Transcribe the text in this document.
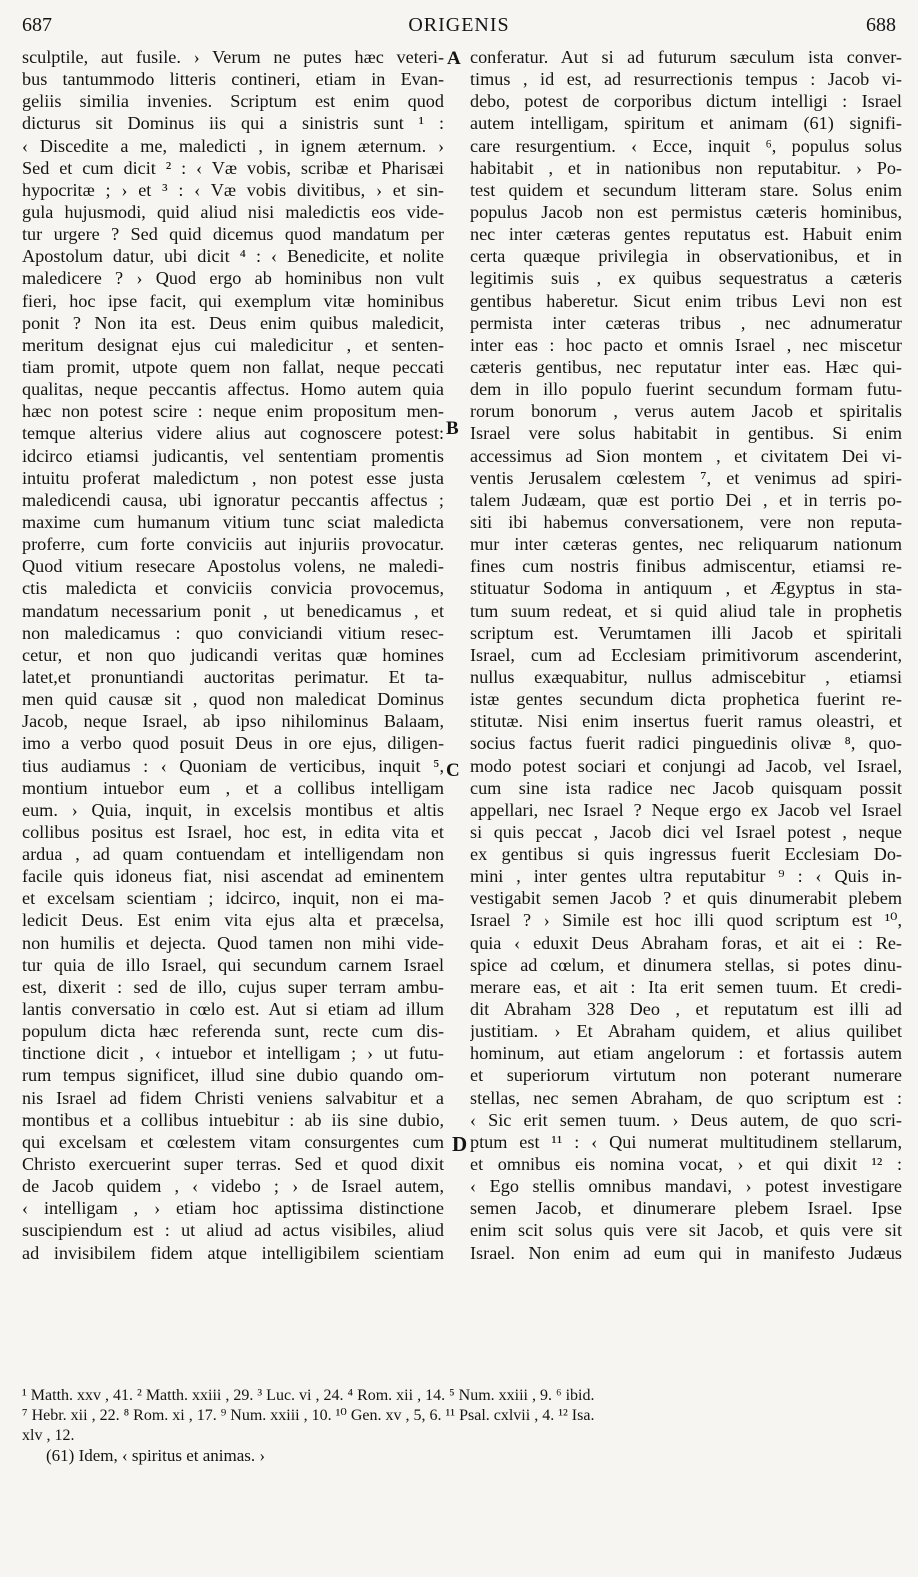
687	ORIGENIS	688
sculptile, aut fusile. › Verum ne putes hæc veteri-
bus tantummodo litteris contineri, etiam in Evan-
geliis similia invenies. Scriptum est enim quod
dicturus sit Dominus iis qui a sinistris sunt ¹ :
‹ Discedite a me, maledicti , in ignem æternum. ›
Sed et cum dicit ² : ‹ Væ vobis, scribæ et Pharisæi
hypocritæ ; › et ³ : ‹ Væ vobis divitibus, › et sin-
gula hujusmodi, quid aliud nisi maledictis eos vide-
tur urgere ? Sed quid dicemus quod mandatum per
Apostolum datur, ubi dicit ⁴ : ‹ Benedicite, et nolite
maledicere ? › Quod ergo ab hominibus non vult
fieri, hoc ipse facit, qui exemplum vitæ hominibus
ponit ? Non ita est. Deus enim quibus maledicit,
meritum designat ejus cui maledicitur , et senten-
tiam promit, utpote quem non fallat, neque peccati
qualitas, neque peccantis affectus. Homo autem quia
hæc non potest scire : neque enim propositum men-
temque alterius videre alius aut cognoscere potest:
idcirco etiamsi judicantis, vel sententiam promentis
intuitu proferat maledictum , non potest esse justa
maledicendi causa, ubi ignoratur peccantis affectus ;
maxime cum humanum vitium tunc sciat maledicta
proferre, cum forte conviciis aut injuriis provocatur.
Quod vitium resecare Apostolus volens, ne maledi-
ctis maledicta et conviciis convicia provocemus,
mandatum necessarium ponit , ut benedicamus , et
non maledicamus : quo conviciandi vitium resec-
cetur, et non quo judicandi veritas quæ homines
latet,et pronuntiandi auctoritas perimatur. Et ta-
men quid causæ sit , quod non maledicat Dominus
Jacob, neque Israel, ab ipso nihilominus Balaam,
imo a verbo quod posuit Deus in ore ejus, diligen-
tius audiamus : ‹ Quoniam de verticibus, inquit ⁵,
montium intuebor eum , et a collibus intelligam
eum. › Quia, inquit, in excelsis montibus et altis
collibus positus est Israel, hoc est, in edita vita et
ardua , ad quam contuendam et intelligendam non
facile quis idoneus fiat, nisi ascendat ad eminentem
et excelsam scientiam ; idcirco, inquit, non ei ma-
ledicit Deus. Est enim vita ejus alta et præcelsa,
non humilis et dejecta. Quod tamen non mihi vide-
tur quia de illo Israel, qui secundum carnem Israel
est, dixerit : sed de illo, cujus super terram ambu-
lantis conversatio in cœlo est. Aut si etiam ad illum
populum dicta hæc referenda sunt, recte cum dis-
tinctione dicit , ‹ intuebor et intelligam ; › ut futu-
rum tempus significet, illud sine dubio quando om-
nis Israel ad fidem Christi veniens salvabitur et a
montibus et a collibus intuebitur : ab iis sine dubio,
qui excelsam et cœlestem vitam consurgentes cum
Christo exercuerint super terras. Sed et quod dixit
de Jacob quidem , ‹ videbo ; › de Israel autem,
‹ intelligam , › etiam hoc aptissima distinctione
suscipiendum est : ut aliud ad actus visibiles, aliud
ad invisibilem fidem atque intelligibilem scientiam
conferatur. Aut si ad futurum sæculum ista conver-
timus , id est, ad resurrectionis tempus : Jacob vi-
debo, potest de corporibus dictum intelligi : Israel
autem intelligam, spiritum et animam (61) signifi-
care resurgentium. ‹ Ecce, inquit ⁶, populus solus
habitabit , et in nationibus non reputabitur. › Po-
test quidem et secundum litteram stare. Solus enim
populus Jacob non est permistus cæteris hominibus,
nec inter cæteras gentes reputatus est. Habuit enim
certa quæque privilegia in observationibus, et in
legitimis suis , ex quibus sequestratus a cæteris
gentibus haberetur. Sicut enim tribus Levi non est
permista inter cæteras tribus , nec adnumeratur
inter eas : hoc pacto et omnis Israel , nec miscetur
cæteris gentibus, nec reputatur inter eas. Hæc qui-
dem in illo populo fuerint secundum formam futu-
rorum bonorum , verus autem Jacob et spiritalis
Israel vere solus habitabit in gentibus. Si enim
accessimus ad Sion montem , et civitatem Dei vi-
ventis Jerusalem cœlestem ⁷, et venimus ad spiri-
talem Judæam, quæ est portio Dei , et in terris po-
siti ibi habemus conversationem, vere non reputa-
mur inter cæteras gentes, nec reliquarum nationum
fines cum nostris finibus admiscentur, etiamsi re-
stituatur Sodoma in antiquum , et Ægyptus in sta-
tum suum redeat, et si quid aliud tale in prophetis
scriptum est. Verumtamen illi Jacob et spiritali
Israel, cum ad Ecclesiam primitivorum ascenderint,
nullus exæquabitur, nullus admiscebitur , etiamsi
istæ gentes secundum dicta prophetica fuerint re-
stitutæ. Nisi enim insertus fuerit ramus oleastri, et
socius factus fuerit radici pinguedinis olivæ ⁸, quo-
modo potest sociari et conjungi ad Jacob, vel Israel,
cum sine ista radice nec Jacob quisquam possit
appellari, nec Israel ? Neque ergo ex Jacob vel Israel
si quis peccat , Jacob dici vel Israel potest , neque
ex gentibus si quis ingressus fuerit Ecclesiam Do-
mini , inter gentes ultra reputabitur ⁹ : ‹ Quis in-
vestigabit semen Jacob ? et quis dinumerabit plebem
Israel ? › Simile est hoc illi quod scriptum est ¹⁰,
quia ‹ eduxit Deus Abraham foras, et ait ei : Re-
spice ad cœlum, et dinumera stellas, si potes dinu-
merare eas, et ait : Ita erit semen tuum. Et credi-
dit Abraham 328 Deo , et reputatum est illi ad
justitiam. › Et Abraham quidem, et alius quilibet
hominum, aut etiam angelorum : et fortassis autem
et superiorum virtutum non poterant numerare
stellas, nec semen Abraham, de quo scriptum est :
‹ Sic erit semen tuum. › Deus autem, de quo scri-
ptum est ¹¹ : ‹ Qui numerat multitudinem stellarum,
et omnibus eis nomina vocat, › et qui dixit ¹² :
‹ Ego stellis omnibus mandavi, › potest investigare
semen Jacob, et dinumerare plebem Israel. Ipse
enim scit solus quis vere sit Jacob, et quis vere sit
Israel. Non enim ad eum qui in manifesto Judæus
A
B
C
D
¹ Matth. xxv , 41. ² Matth. xxiii , 29. ³ Luc. vi , 24. ⁴ Rom. xii , 14. ⁵ Num. xxiii , 9. ⁶ ibid.
⁷ Hebr. xii , 22. ⁸ Rom. xi , 17. ⁹ Num. xxiii , 10. ¹⁰ Gen. xv , 5, 6. ¹¹ Psal. cxlvii , 4. ¹² Isa.
xlv , 12.
(61) Idem, ‹ spiritus et animas. ›
